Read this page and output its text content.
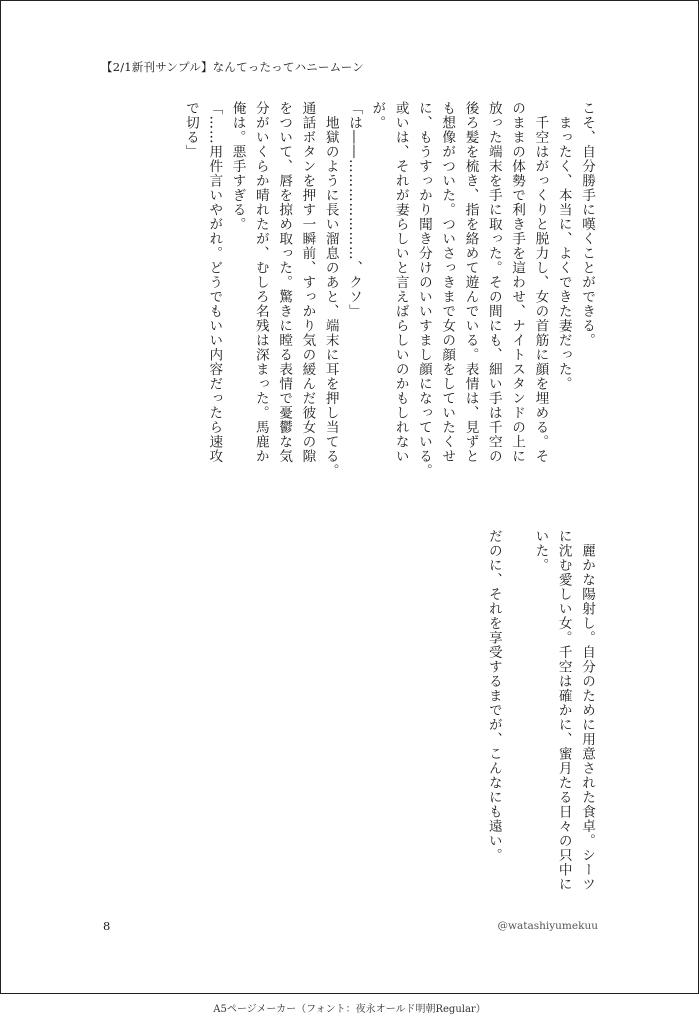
【2/1新刊サンプル】なんてったってハニームーン
こそ、自分勝手に嘆くことができる。
　まったく、本当に、よくできた妻だった。
　千空はがっくりと脱力し、女の首筋に顔を埋める。そ
のままの体勢で利き手を這わせ、ナイトスタンドの上に
放った端末を手に取った。その間にも、細い手は千空の
後ろ髪を梳き、指を絡めて遊んでいる。表情は、見ずと
も想像がついた。ついさっきまで女の顔をしていたくせ
に、もうすっかり聞き分けのいいすまし顔になっている。
或いは、それが妻らしいと言えばらしいのかもしれない
が。
「は――…………………、クソ」
　地獄のように長い溜息のあと、端末に耳を押し当てる。
通話ボタンを押す一瞬前、すっかり気の緩んだ彼女の隙
をついて、唇を掠め取った。驚きに瞠る表情で憂鬱な気
分がいくらか晴れたが、むしろ名残は深まった。馬鹿か
俺は。悪手すぎる。
「……用件言いやがれ。どうでもいい内容だったら速攻
で切る」
　麗かな陽射し。自分のために用意された食卓。シーツ
に沈む愛しい女。千空は確かに、蜜月たる日々の只中に
いた。

だのに、それを享受するまでが、こんなにも遠い。
8	@watashiyumekuu
A5ページメーカー（フォント：夜永オールド明朝Regular）
